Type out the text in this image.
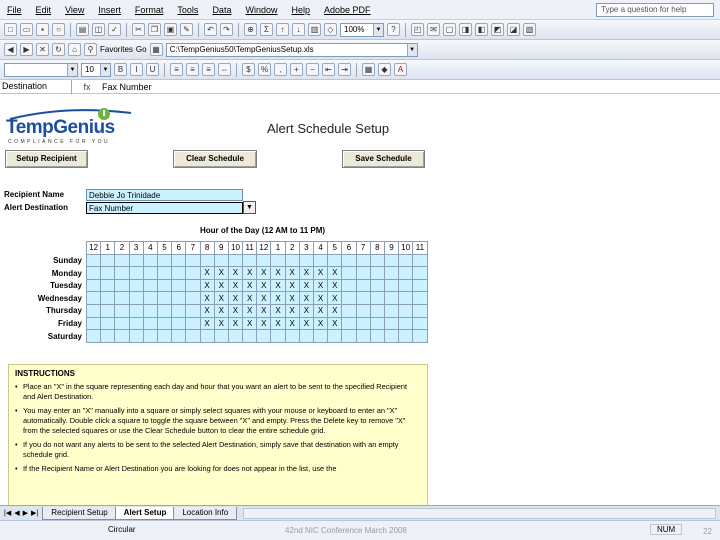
File	Edit	View	Insert	Format	Tools	Data	Window	Help	Adobe PDF	Type a question for help
□	▭	▪	○	▤	◫	✓	✂	❐	▣	✎	↶	↷	⊕	Σ	↑	↓	▥	◇	100%	▼	?	◰	✉	▢	◨	◧	◩	◪	▧
◀	▶	✕	↻	⌂	⚲ Favorites Go ▦	C:\TempGenius50\TempGeniusSetup.xls	▼
▼	10	▼	B	I	U	≡	≡	≡	⇔	$	%	,	+	−	⇤	⇥	▦	◆	A
Destination	fx	Fax Number
TempGenius
COMPLIANCE FOR YOU
Alert Schedule Setup
Setup Recipient	Clear Schedule	Save Schedule
Recipient Name	Debbie Jo Trinidade
Alert Destination	Fax Number	▼
Hour of the Day (12 AM to 11 PM)
Sunday
Monday
Tuesday
Wednesday
Thursday
Friday
Saturday
12	1	2	3	4	5	6	7	8	9	10	11	12	1	2	3	4	5	6	7	8	9	10	11

								X	X	X	X	X	X	X	X	X	X						
								X	X	X	X	X	X	X	X	X	X						
								X	X	X	X	X	X	X	X	X	X						
								X	X	X	X	X	X	X	X	X	X						
								X	X	X	X	X	X	X	X	X	X						

INSTRUCTIONS
• Place an "X" in the square representing each day and hour that you want an alert to be sent to the specified Recipient and Alert Destination.
• You may enter an "X" manually into a square or simply select squares with your mouse or keyboard to enter an "X" automatically. Double click a square to toggle the square between "X" and empty. Press the Delete key to remove "X" from the selected squares or use the Clear Schedule button to clear the entire schedule grid.
• If you do not want any alerts to be sent to the selected Alert Destination, simply save that destination with an empty schedule grid.
• If the Recipient Name or Alert Destination you are looking for does not appear in the list, use the
|◀ ◀ ▶ ▶|	Recipient Setup	Alert Setup	Location Info
Circular	42nd NIC Conference March 2008	NUM	22
